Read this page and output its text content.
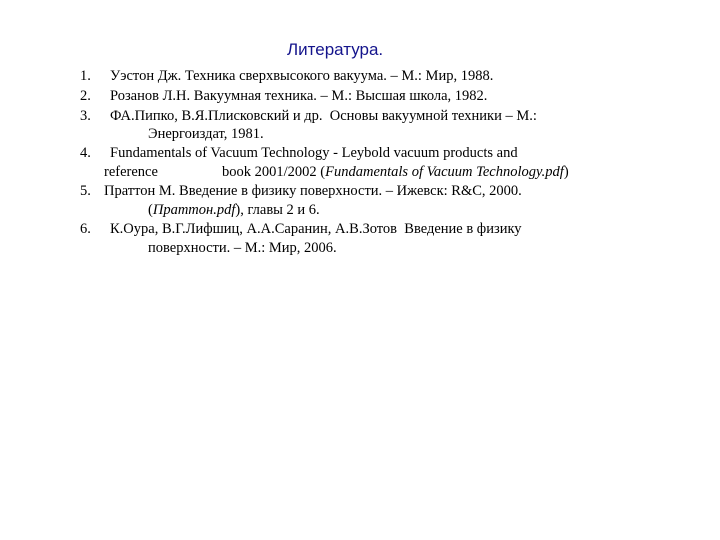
Литература.
1. Уэстон Дж. Техника сверхвысокого вакуума. – М.: Мир, 1988.
2. Розанов Л.Н. Вакуумная техника. – М.: Высшая школа, 1982.
3. ФА.Пипко, В.Я.Плисковский и др.  Основы вакуумной техники – М.:
Энергоиздат, 1981.
4. Fundamentals of Vacuum Technology - Leybold vacuum products and
reference	book 2001/2002 (Fundamentals of Vacuum Technology.pdf)
5. Праттон М. Введение в физику поверхности. – Ижевск: R&C, 2000.
(Праттон.pdf), главы 2 и 6.
6. К.Оура, В.Г.Лифшиц, А.А.Саранин, А.В.Зотов  Введение в физику
поверхности. – М.: Мир, 2006.
